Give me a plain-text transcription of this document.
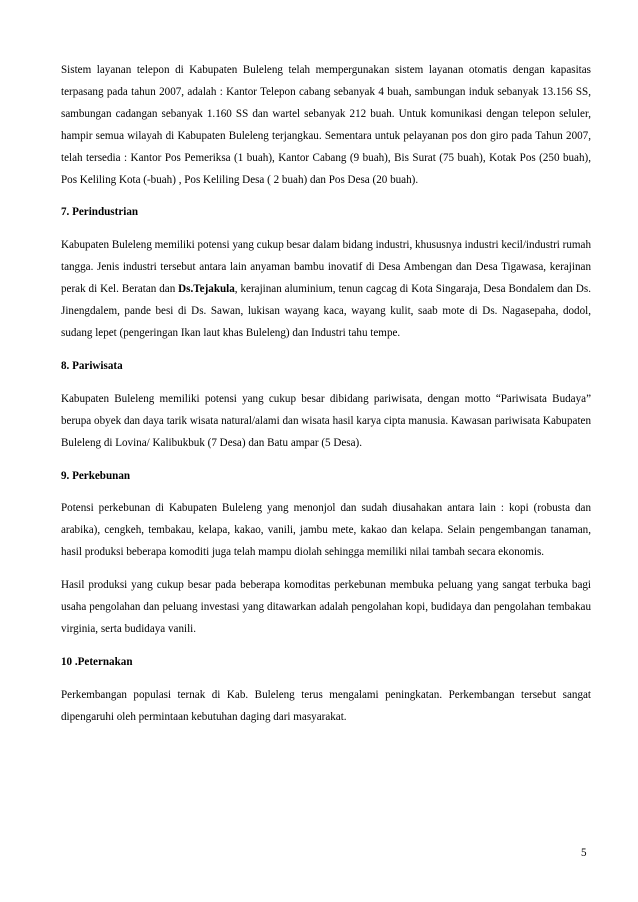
Sistem layanan telepon di Kabupaten Buleleng telah mempergunakan sistem layanan otomatis dengan kapasitas terpasang pada tahun 2007, adalah : Kantor Telepon cabang sebanyak 4 buah, sambungan induk sebanyak 13.156 SS, sambungan cadangan sebanyak 1.160 SS dan wartel sebanyak 212 buah. Untuk komunikasi dengan telepon seluler, hampir semua wilayah di Kabupaten Buleleng terjangkau. Sementara untuk pelayanan pos don giro pada Tahun 2007, telah tersedia : Kantor Pos Pemeriksa (1 buah), Kantor Cabang (9 buah), Bis Surat (75 buah), Kotak Pos (250 buah), Pos Keliling Kota (-buah) , Pos Keliling Desa ( 2 buah) dan Pos Desa (20 buah).

7. Perindustrian

Kabupaten Buleleng memiliki potensi yang cukup besar dalam bidang industri, khususnya industri kecil/industri rumah tangga. Jenis industri tersebut antara lain anyaman bambu inovatif di Desa Ambengan dan Desa Tigawasa, kerajinan perak di Kel. Beratan dan Ds.Tejakula, kerajinan aluminium, tenun cagcag di Kota Singaraja, Desa Bondalem dan Ds. Jinengdalem, pande besi di Ds. Sawan, lukisan wayang kaca, wayang kulit, saab mote di Ds. Nagasepaha, dodol, sudang lepet (pengeringan Ikan laut khas Buleleng) dan Industri tahu tempe.

8. Pariwisata

Kabupaten Buleleng memiliki potensi yang cukup besar dibidang pariwisata, dengan motto “Pariwisata Budaya” berupa obyek dan daya tarik wisata natural/alami dan wisata hasil karya cipta manusia. Kawasan pariwisata Kabupaten Buleleng di Lovina/ Kalibukbuk (7 Desa) dan Batu ampar (5 Desa).

9. Perkebunan

Potensi perkebunan di Kabupaten Buleleng yang menonjol dan sudah diusahakan antara lain : kopi (robusta dan arabika), cengkeh, tembakau, kelapa, kakao, vanili, jambu mete, kakao dan kelapa. Selain pengembangan tanaman, hasil produksi beberapa komoditi juga telah mampu diolah sehingga memiliki nilai tambah secara ekonomis.

Hasil produksi yang cukup besar pada beberapa komoditas perkebunan membuka peluang yang sangat terbuka bagi usaha pengolahan dan peluang investasi yang ditawarkan adalah pengolahan kopi, budidaya dan pengolahan tembakau virginia, serta budidaya vanili.

10 .Peternakan

Perkembangan populasi ternak di Kab. Buleleng terus mengalami peningkatan. Perkembangan tersebut sangat dipengaruhi oleh permintaan kebutuhan daging dari masyarakat.

5
